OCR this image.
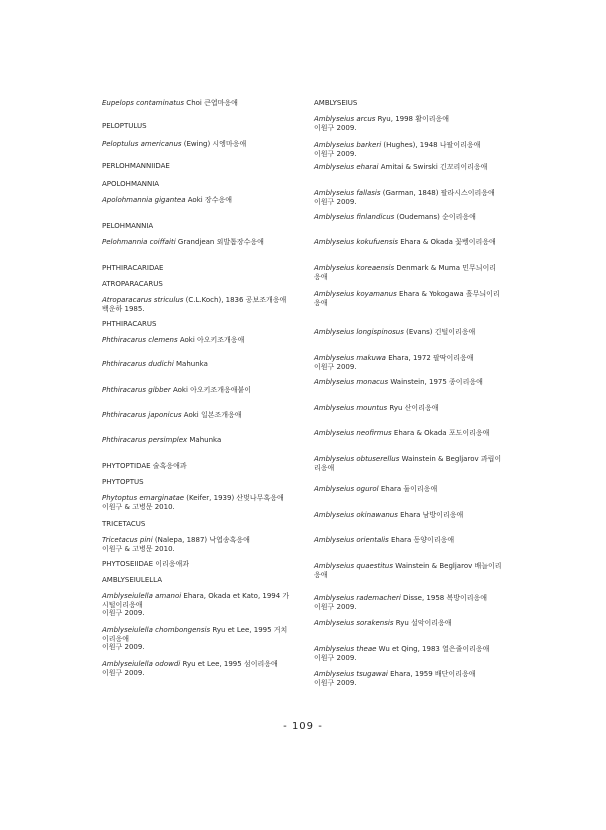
Eupelops contaminatus Choi 큰엽마응애
PELOPTULUS
Peloptulus americanus (Ewing) 시엥마응애
PERLOHMANNIIDAE
APOLOHMANNIA
Apolohmannia gigantea Aoki 장수응애
PELOHMANNIA
Pelohmannia coiffaiti Grandjean 외발톱장수응애
PHTHIRACARIDAE
ATROPARACARUS
Atroparacarus striculus (C.L.Koch), 1836 공보조개응애
백운하 1985.
PHTHIRACARUS
Phthiracarus clemens Aoki 아오키조개응애
Phthiracarus dudichi Mahunka
Phthiracarus gibber Aoki 아오키조개응애붙이
Phthiracarus japonicus Aoki 일본조개응애
Phthiracarus persimplex Mahunka
PHYTOPTIDAE 술혹응애과
PHYTOPTUS
Phytoptus emarginatae (Keifer, 1939) 산벚나무혹응애
이원구 & 고병문 2010.
TRICETACUS
Tricetacus pini (Nalepa, 1887) 낙엽송혹응애
이원구 & 고병문 2010.
PHYTOSEIIDAE 이리응애과
AMBLYSEIULELLA
Amblyseiulella amanoi Ehara, Okada et Kato, 1994 가
시털이리응애
이원구 2009.
Amblyseiulella chombongensis Ryu et Lee, 1995 거치
이리응애
이원구 2009.
Amblyseiulella odowdi Ryu et Lee, 1995 섬이리응애
이원구 2009.
AMBLYSEIUS
Amblyseius arcus Ryu, 1998 활이리응애
이원구 2009.
Amblyseius barkeri (Hughes), 1948 나팔이리응애
이원구 2009.
Amblyseius eharai Amitai & Swirski 긴꼬리이리응애
Amblyseius fallasis (Garman, 1848) 팔라시스이리응애
이원구 2009.
Amblyseius finlandicus (Oudemans) 순이리응애
Amblyseius kokufuensis Ehara & Okada 꽃벵이리응애
Amblyseius koreaensis Denmark & Muma 민무늬이리
응애
Amblyseius koyamanus Ehara & Yokogawa 흘무늬이리
응애
Amblyseius longispinosus (Evans) 긴털이리응애
Amblyseius makuwa Ehara, 1972 팔딱이리응애
이원구 2009.
Amblyseius monacus Wainstein, 1975 종이리응애
Amblyseius mountus Ryu 산이리응애
Amblyseius neofirmus Ehara & Okada 포도이리응애
Amblyseius obtuserellus Wainstein & Begljarov 과립이
리응애
Amblyseius ogurol Ehara 둘이리응애
Amblyseius okinawanus Ehara 남방이리응애
Amblyseius orientalis Ehara 동양이리응애
Amblyseius quaestitus Wainstein & Begljarov 배늘이리
응애
Amblyseius rademacheri Disse, 1958 복방이리응애
이원구 2009.
Amblyseius sorakensis Ryu 설악이리응애
Amblyseius theae Wu et Qing, 1983 열은줄이리응애
이원구 2009.
Amblyseius tsugawai Ehara, 1959 배단이리응애
이원구 2009.
- 109 -
